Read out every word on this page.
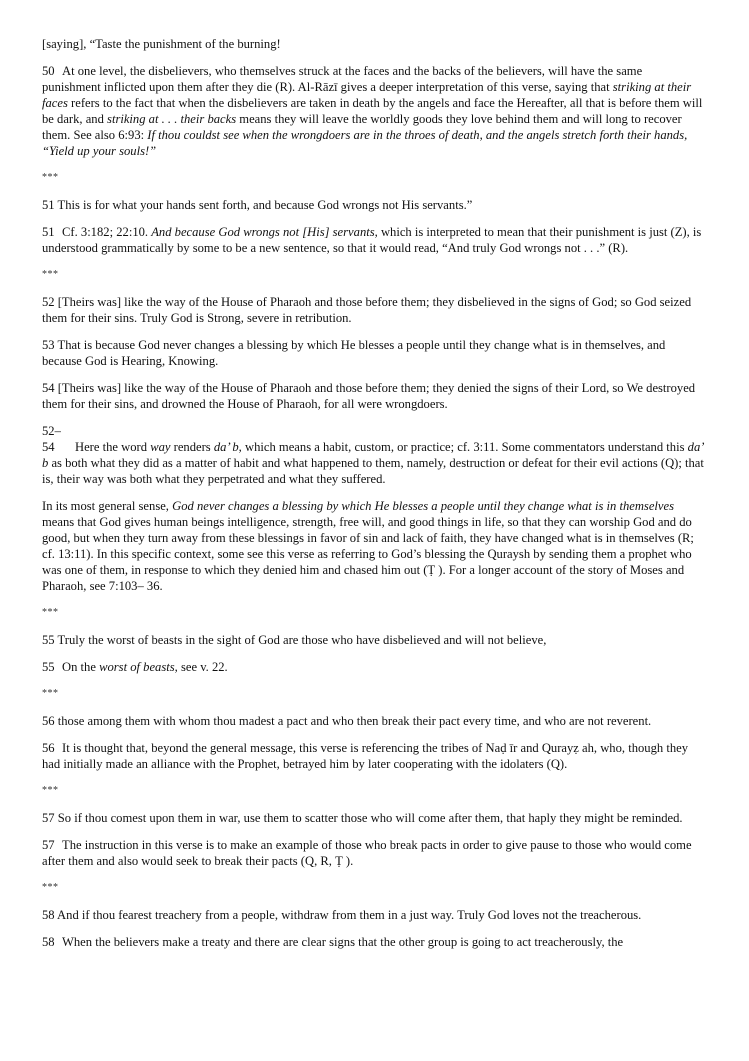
[saying], “Taste the punishment of the burning!

50 At one level, the disbelievers, who themselves struck at the faces and the backs of the believers, will have the same punishment inflicted upon them after they die (R). Al-Rāzī gives a deeper interpretation of this verse, saying that striking at their faces refers to the fact that when the disbelievers are taken in death by the angels and face the Hereafter, all that is before them will be dark, and striking at . . . their backs means they will leave the worldly goods they love behind them and will long to recover them. See also 6:93: If thou couldst see when the wrongdoers are in the throes of death, and the angels stretch forth their hands, “Yield up your souls!”

***

51 This is for what your hands sent forth, and because God wrongs not His servants.”

51 Cf. 3:182; 22:10. And because God wrongs not [His] servants, which is interpreted to mean that their punishment is just (Z), is understood grammatically by some to be a new sentence, so that it would read, “And truly God wrongs not . . .” (R).

***

52 [Theirs was] like the way of the House of Pharaoh and those before them; they disbelieved in the signs of God; so God seized them for their sins. Truly God is Strong, severe in retribution.

53 That is because God never changes a blessing by which He blesses a people until they change what is in themselves, and because God is Hearing, Knowing.

54 [Theirs was] like the way of the House of Pharaoh and those before them; they denied the signs of their Lord, so We destroyed them for their sins, and drowned the House of Pharaoh, for all were wrongdoers.

52– 54 Here the word way renders da’ b, which means a habit, custom, or practice; cf. 3:11. Some commentators understand this da’ b as both what they did as a matter of habit and what happened to them, namely, destruction or defeat for their evil actions (Q); that is, their way was both what they perpetrated and what they suffered.

In its most general sense, God never changes a blessing by which He blesses a people until they change what is in themselves means that God gives human beings intelligence, strength, free will, and good things in life, so that they can worship God and do good, but when they turn away from these blessings in favor of sin and lack of faith, they have changed what is in themselves (R; cf. 13:11). In this specific context, some see this verse as referring to God’s blessing the Quraysh by sending them a prophet who was one of them, in response to which they denied him and chased him out (Ṭ ). For a longer account of the story of Moses and Pharaoh, see 7:103– 36.

***

55 Truly the worst of beasts in the sight of God are those who have disbelieved and will not believe,

55 On the worst of beasts, see v. 22.

***

56 those among them with whom thou madest a pact and who then break their pact every time, and who are not reverent.

56 It is thought that, beyond the general message, this verse is referencing the tribes of Naḍ īr and Qurayẓ ah, who, though they had initially made an alliance with the Prophet, betrayed him by later cooperating with the idolaters (Q).

***

57 So if thou comest upon them in war, use them to scatter those who will come after them, that haply they might be reminded.

57 The instruction in this verse is to make an example of those who break pacts in order to give pause to those who would come after them and also would seek to break their pacts (Q, R, Ṭ ).

***

58 And if thou fearest treachery from a people, withdraw from them in a just way. Truly God loves not the treacherous.

58 When the believers make a treaty and there are clear signs that the other group is going to act treacherously, the
